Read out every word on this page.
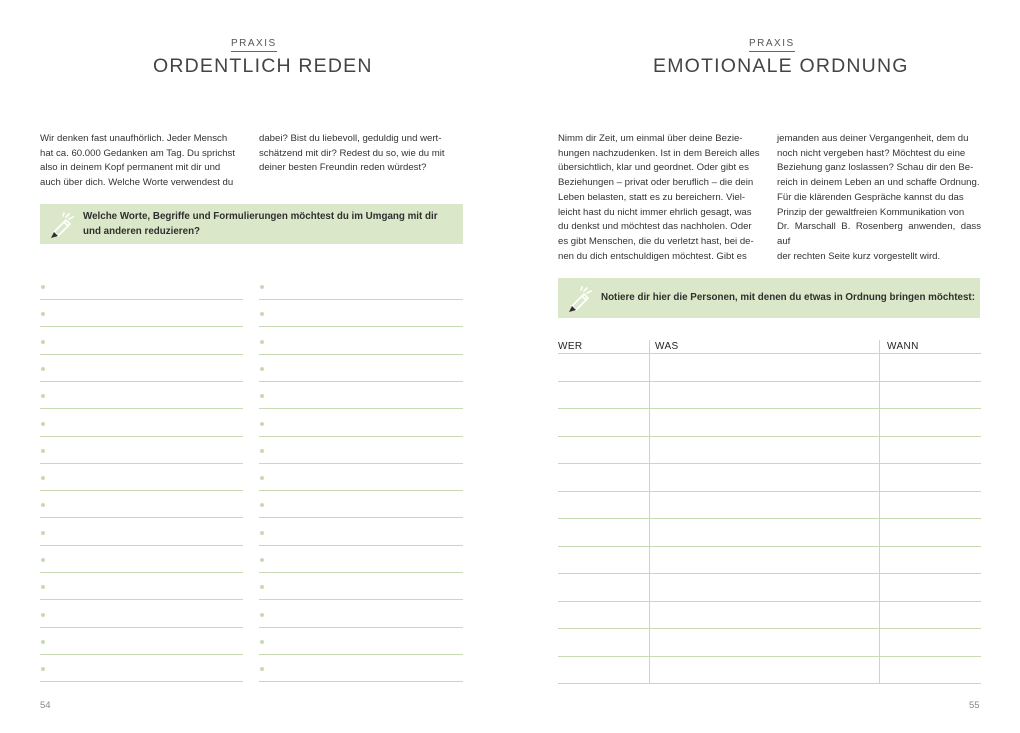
PRAXIS
ORDENTLICH REDEN

Wir denken fast unaufhörlich. Jeder Mensch
hat ca. 60.000 Gedanken am Tag. Du sprichst
also in deinem Kopf permanent mit dir und
auch über dich. Welche Worte verwendest du

dabei? Bist du liebevoll, geduldig und wert-
schätzend mit dir? Redest du so, wie du mit
deiner besten Freundin reden würdest?

Welche Worte, Begriffe und Formulierungen möchtest du im Umgang mit dir
und anderen reduzieren?
54
PRAXIS
EMOTIONALE ORDNUNG

Nimm dir Zeit, um einmal über deine Bezie-
hungen nachzudenken. Ist in dem Bereich alles
übersichtlich, klar und geordnet. Oder gibt es
Beziehungen – privat oder beruflich – die dein
Leben belasten, statt es zu bereichern. Viel-
leicht hast du nicht immer ehrlich gesagt, was
du denkst und möchtest das nachholen. Oder
es gibt Menschen, die du verletzt hast, bei de-
nen du dich entschuldigen möchtest. Gibt es

jemanden aus deiner Vergangenheit, dem du
noch nicht vergeben hast? Möchtest du eine
Beziehung ganz loslassen? Schau dir den Be-
reich in deinem Leben an und schaffe Ordnung.
Für die klärenden Gespräche kannst du das
Prinzip der gewaltfreien Kommunikation von
Dr. Marschall B. Rosenberg anwenden, dass auf
der rechten Seite kurz vorgestellt wird.

Notiere dir hier die Personen, mit denen du etwas in Ordnung bringen möchtest:
WER	WAS	WANN
55
